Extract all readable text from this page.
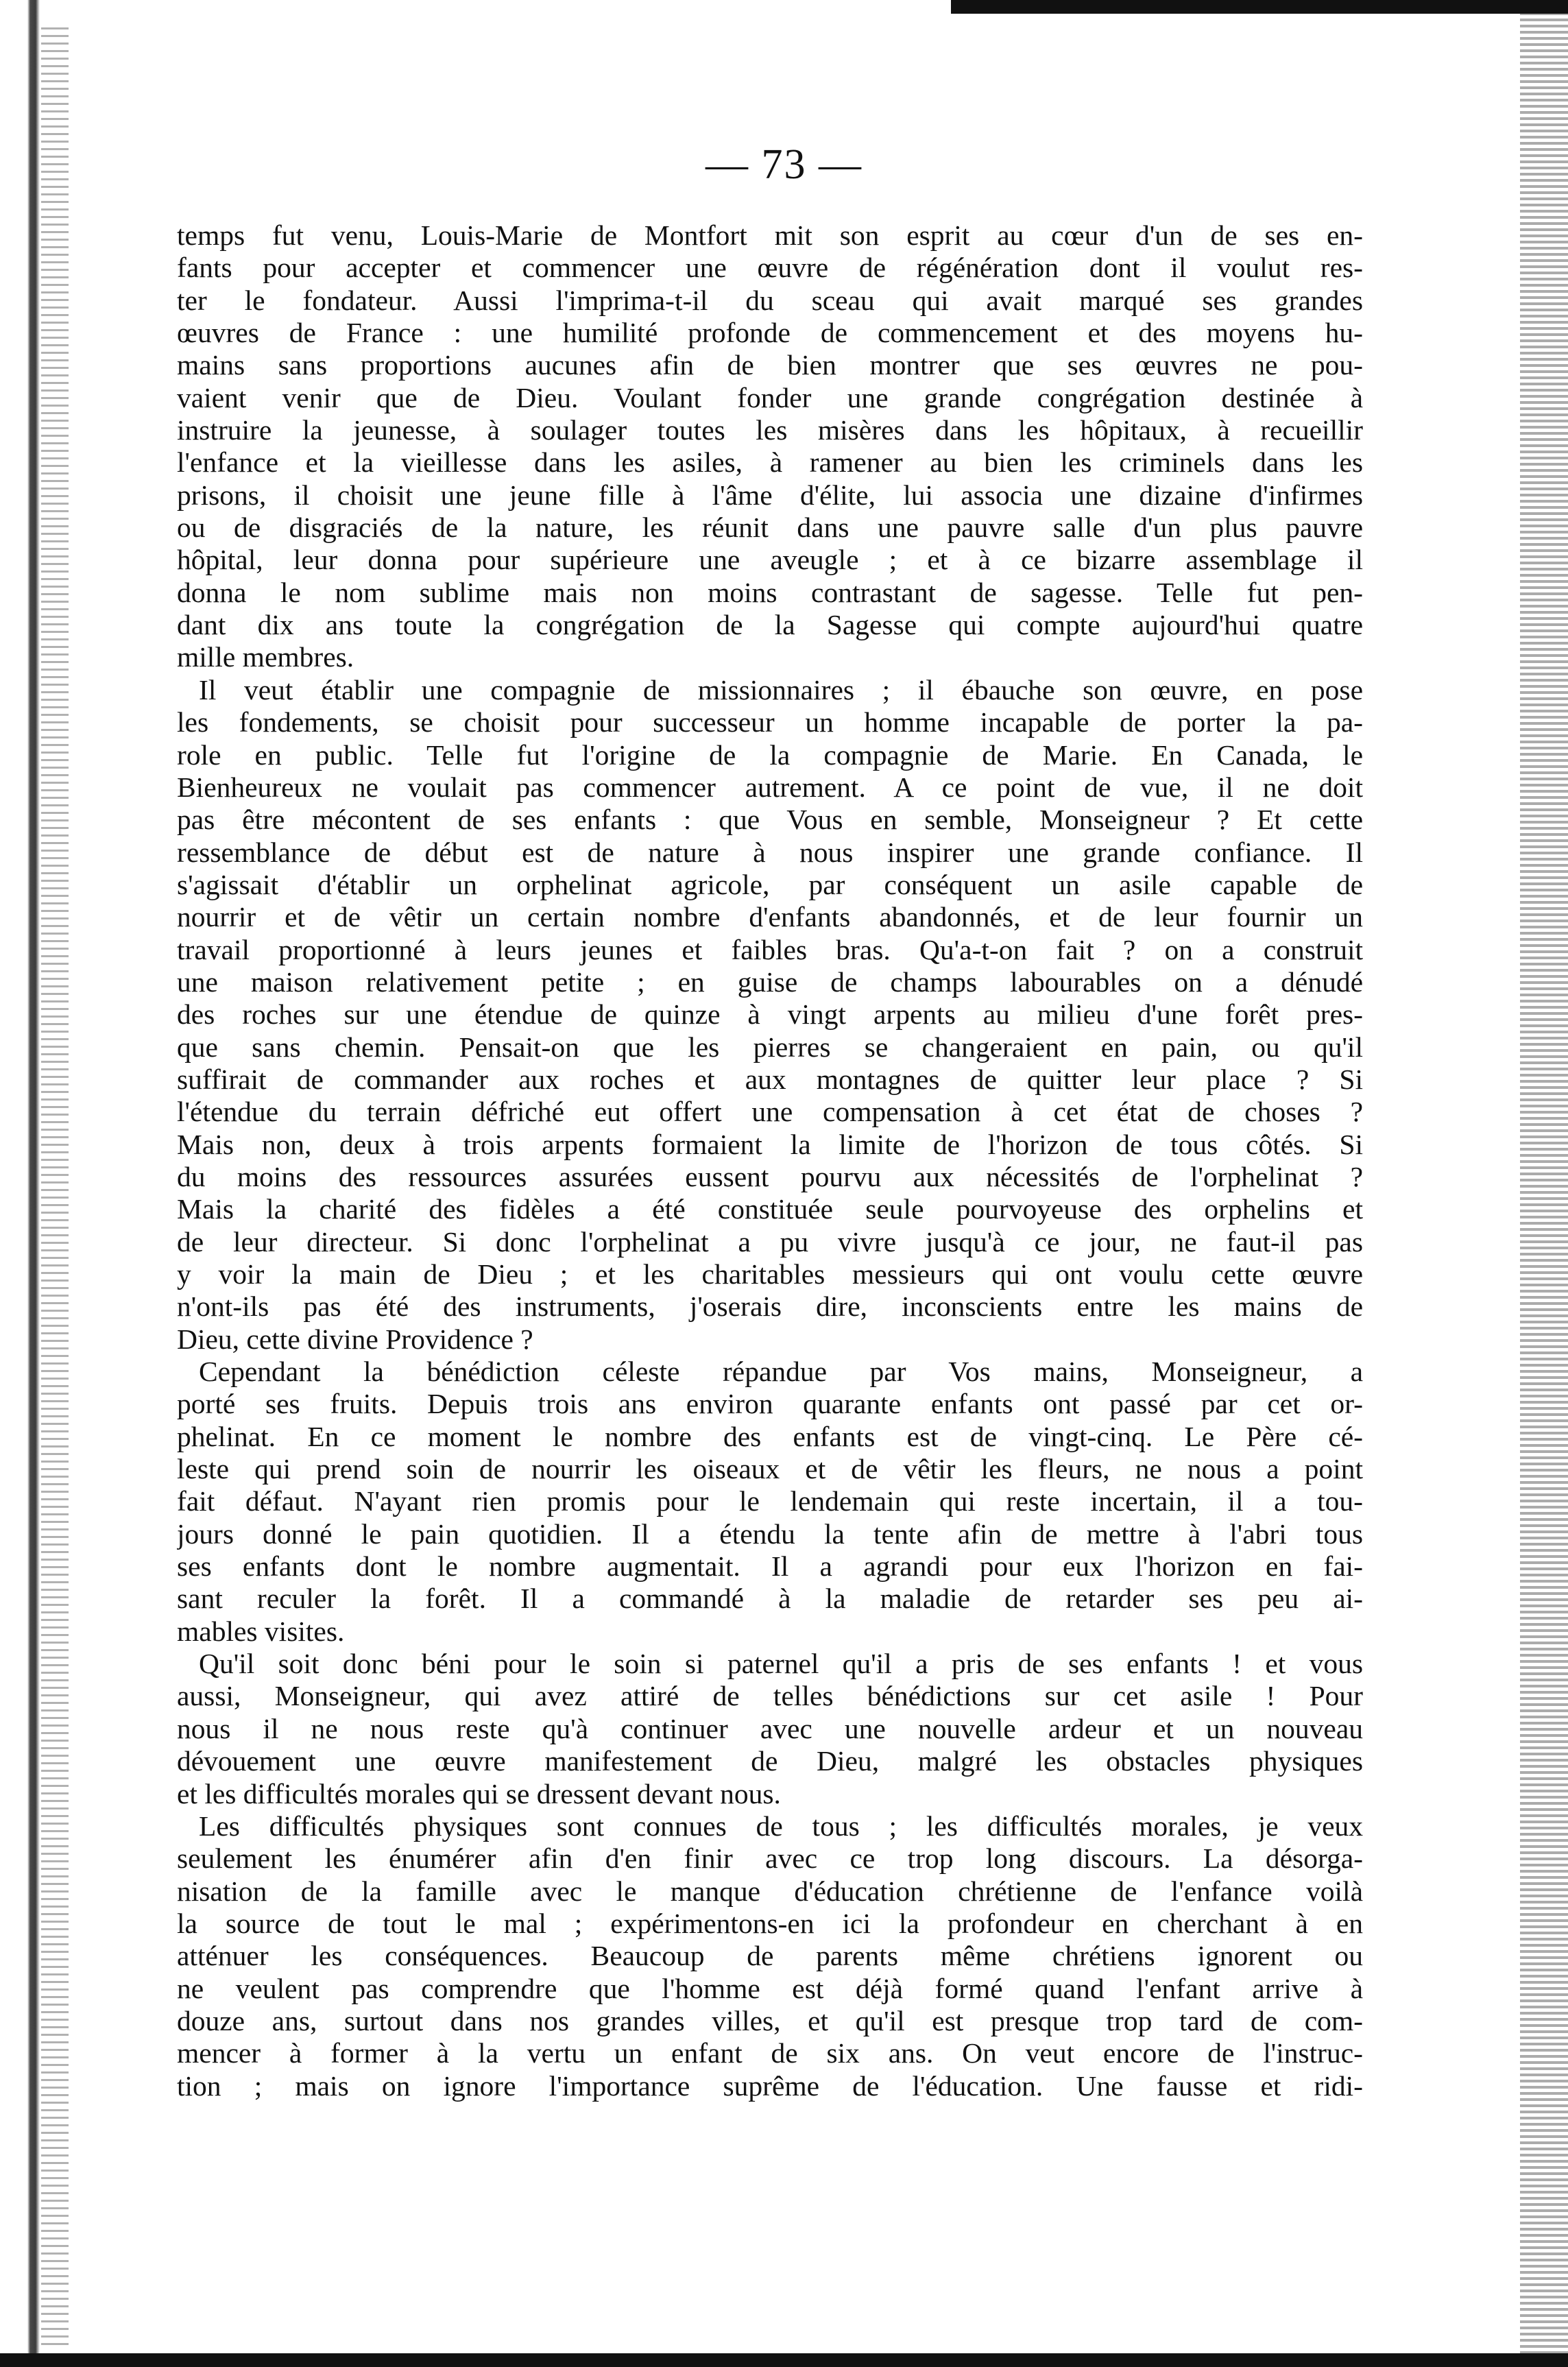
— 73 —
temps fut venu, Louis-Marie de Montfort mit son esprit au cœur d'un de ses en-
fants pour accepter et commencer une œuvre de régénération dont il voulut res-
ter le fondateur. Aussi l'imprima-t-il du sceau qui avait marqué ses grandes
œuvres de France : une humilité profonde de commencement et des moyens hu-
mains sans proportions aucunes afin de bien montrer que ses œuvres ne pou-
vaient venir que de Dieu. Voulant fonder une grande congrégation destinée à
instruire la jeunesse, à soulager toutes les misères dans les hôpitaux, à recueillir
l'enfance et la vieillesse dans les asiles, à ramener au bien les criminels dans les
prisons, il choisit une jeune fille à l'âme d'élite, lui associa une dizaine d'infirmes
ou de disgraciés de la nature, les réunit dans une pauvre salle d'un plus pauvre
hôpital, leur donna pour supérieure une aveugle ; et à ce bizarre assemblage il
donna le nom sublime mais non moins contrastant de sagesse. Telle fut pen-
dant dix ans toute la congrégation de la Sagesse qui compte aujourd'hui quatre
mille membres.
Il veut établir une compagnie de missionnaires ; il ébauche son œuvre, en pose
les fondements, se choisit pour successeur un homme incapable de porter la pa-
role en public. Telle fut l'origine de la compagnie de Marie. En Canada, le
Bienheureux ne voulait pas commencer autrement. A ce point de vue, il ne doit
pas être mécontent de ses enfants : que Vous en semble, Monseigneur ? Et cette
ressemblance de début est de nature à nous inspirer une grande confiance. Il
s'agissait d'établir un orphelinat agricole, par conséquent un asile capable de
nourrir et de vêtir un certain nombre d'enfants abandonnés, et de leur fournir un
travail proportionné à leurs jeunes et faibles bras. Qu'a-t-on fait ? on a construit
une maison relativement petite ; en guise de champs labourables on a dénudé
des roches sur une étendue de quinze à vingt arpents au milieu d'une forêt pres-
que sans chemin. Pensait-on que les pierres se changeraient en pain, ou qu'il
suffirait de commander aux roches et aux montagnes de quitter leur place ? Si
l'étendue du terrain défriché eut offert une compensation à cet état de choses ?
Mais non, deux à trois arpents formaient la limite de l'horizon de tous côtés. Si
du moins des ressources assurées eussent pourvu aux nécessités de l'orphelinat ?
Mais la charité des fidèles a été constituée seule pourvoyeuse des orphelins et
de leur directeur. Si donc l'orphelinat a pu vivre jusqu'à ce jour, ne faut-il pas
y voir la main de Dieu ; et les charitables messieurs qui ont voulu cette œuvre
n'ont-ils pas été des instruments, j'oserais dire, inconscients entre les mains de
Dieu, cette divine Providence ?
Cependant la bénédiction céleste répandue par Vos mains, Monseigneur, a
porté ses fruits. Depuis trois ans environ quarante enfants ont passé par cet or-
phelinat. En ce moment le nombre des enfants est de vingt-cinq. Le Père cé-
leste qui prend soin de nourrir les oiseaux et de vêtir les fleurs, ne nous a point
fait défaut. N'ayant rien promis pour le lendemain qui reste incertain, il a tou-
jours donné le pain quotidien. Il a étendu la tente afin de mettre à l'abri tous
ses enfants dont le nombre augmentait. Il a agrandi pour eux l'horizon en fai-
sant reculer la forêt. Il a commandé à la maladie de retarder ses peu ai-
mables visites.
Qu'il soit donc béni pour le soin si paternel qu'il a pris de ses enfants ! et vous
aussi, Monseigneur, qui avez attiré de telles bénédictions sur cet asile ! Pour
nous il ne nous reste qu'à continuer avec une nouvelle ardeur et un nouveau
dévouement une œuvre manifestement de Dieu, malgré les obstacles physiques
et les difficultés morales qui se dressent devant nous.
Les difficultés physiques sont connues de tous ; les difficultés morales, je veux
seulement les énumérer afin d'en finir avec ce trop long discours. La désorga-
nisation de la famille avec le manque d'éducation chrétienne de l'enfance voilà
la source de tout le mal ; expérimentons-en ici la profondeur en cherchant à en
atténuer les conséquences. Beaucoup de parents même chrétiens ignorent ou
ne veulent pas comprendre que l'homme est déjà formé quand l'enfant arrive à
douze ans, surtout dans nos grandes villes, et qu'il est presque trop tard de com-
mencer à former à la vertu un enfant de six ans. On veut encore de l'instruc-
tion ; mais on ignore l'importance suprême de l'éducation. Une fausse et ridi-
